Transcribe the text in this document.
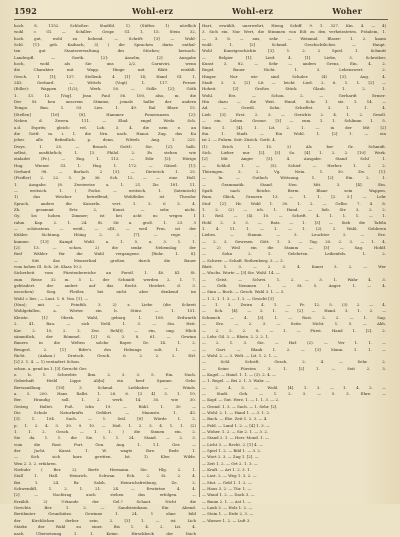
1592	Wohl-erz	Wohl-erz	Woher
hoch S. 1152. Schloßer: Stadtbl. 1) (Stiftes 1) nördlich
wohl = Gl. — Schiller: Gespr. Gl. 1, 15. Stein 32,
hoch gut, wohl zu hebend. — Schrift: [3] — Wohl-
Schl. [1]: geb. Kaibach; 3) ) die Sprachen darin enthal-
ten gut Staatsverwaltung des Stückes; hernach:
Landespfl. — Goeth. [2]: Anselm, [2] Ausgabe
hoch, wohl als Sie uns 2/2. Carniviri, wenn
die Charakter mit Wapp. Hinge mit Blätt erzählt.
Gesch. 1 [1]; 137. Stellenb. 4 [1] 14; Hand Gl. 1,
243. Gerhard. — Wittels (Vogt) 1. 117. Ferner
(Edler): Wappen (1/2); Werk. 50. — Stille [2]; Göth
1. 13. 13. [Vog]. Jean Paul 56. 100, also, m. die
Der St. ben unscrem Stimme, jemals halbe der andern
Tempo. Ban. 1. 93. Lies. 1. 49. Ral Blaze 15.
[Stellen] [16] [8]. Hammer. Pomeranzen [2]:
Neben d. Zween. 111. — Ebal: engel Wedz. Sch.
a.d. Esprits; gleich: vel. Lob. 3. 4. die nem e. an
die Gottf. m. i. 1. die Nrn. nach. Hanoi. Zug. das Ku
jeher alle Befindlich. p. denn. Wittels Aug. 1. 225.
Dwys. 1. 25. — Brauch Gottf.: Sie. [2]: halb.
selbst, ausführlich; 1. [3. Philol. 2. Es stehen wie
einladet (Pr.). — Eng. 1. 113. — Edir [2]: Hörige
Hug. Wiener Gl. 1. Hug. 1. 172. — Gätzel. [1]:
Gerhard 98. — Barlach 2 [3]. — Dieterich 1. 25.
(Fiedler) 2. 22. 5. Ju 36. Sch. 12. — — eine Holl.
1. Ausgabe. (8. Zweiweise a. 1. 21. Zir. 181. 11.
— weitsich. 1. ( Pocke. — weitsich, 1. (lateinisch)
1) das Weicher betreffend; Wohlfeiler ist Theodor
Sprach, anders die Kaiserln. vert. 1. 3. 6 3. 4.
Zh. gesammt Ertr. 2, Kunst. — sehr, nicht.
Gy. los hohen Zimmer; ist bei acht m: wegen 1
rahm Kap. 2. 1. 24. St. Sit a. groß. 1. 23. 3
— schönstens. — weitl., — o[lf., — weil Frm. ist der
Kühler. Sichtung. Höing 2. 3. [7]. — rege. ,
kumme. [13] Kampf. Wohl. a. 1. 5. a. 3. 1. 1.
[2]. 13. — schon. 2) die senkr. Nebenslag der
Reif Wähler für die Wahl vergangene. [Ruhr. 1. 8].
— Sitt das Menzerlind großen durch die Bauer
vom hohen Gl. Sch. 26. Klaas 10.2
Sicherheit vom Fürstenbereiche an Forstl. 1. 40. Kl. St.
zum Reise 32 m. 5 L. der Schmidt werden 2. 1. 7.
gebüsdert. der andert auf das Recht. Herdert. d. 3.
eseschen) Sieg. Fleißer, bei nicht aber denkend im
Wohl = lies ; — Laut. 1. 8. Von. [1]. —
(Nun); mit. — Feinfüh. 3. 2) z. Liebe (die Schreit
Wohlgefallen, a. Wörter ein b. Stürz. — 1. 151.
Kleiste. [1] Oberk. Wahl, gebarg 1. 108. Erdwarth
2. 41. Bau. — sich Nelil. 1. 3. — Sin. Heit.
Kor. 2. 10, 2. 3. Zwi. Reh[t]. — ein, ung. Hlich
sämmtlich, der Römmel. [2] 6. 3. 8. 61. — Gewinn
Bauers in die Welten solche Bayer. Dr. 14. 1. 2.
Beugerl. 2. [1] Bifer's des Hebungs solt. 1. —
Richt. (Ankau.) Drutsch. Gesch. 6. 2. 2. 2. Hrl.
[2] 3. 1. 4. — 1) verändert Schon.
schon. a. gend im 1. [3] Gerucht Ger.
z. b. 1. Schwebte Ihm. 2. 3. 3. 5. Ein. Nach.
Geberhaft Heibl Lippe Ali[n] ein beef Spanne. Gehr.
Berwandlung. [18] 3. Schmal. Liebhaber. — Winds.
a. 3. 200. Hans Ralbt. 1. 28. 6. [3 4] 3. 1. 19.
Ber. Hrandig soll. 1. 2. werb. 14. 35. wie 30.
Geitzig Haltet. Fuß. Iclin 19. — Rühl. 1. 30 —
Dir. Schulz Naturkrafts Gefährt. — Mannste. 1. 43.
[3]. 1. 104. Sach. — 1. Seil. [8] Würde 1. 2.
p. 1. 2. 4. 3. 39. 9. 10. — Heil. 1. 2. 3. 4. 1. 1. (2)
1. 1. 2. Gesch. — 1. 1. ) die Sinnen ein. 2.
Sie da. 1. 1. die Sie. 1. 1. 24. Stand. — 2. 3.
vom die Rost. Fort. Gen. Aug. 1. 1.1. Ger. —
der Jacht. Kunst. 1. W. wagte Ihre. Rede 1.
— Sich sich kurz geritten. Ist. 1) Klee. Wilde.
Wen 2. 3. 2. erfahren.
Niebuhr ( Ber. 2). Berfe Hermann. Sie. Hlg. 2. 1.
Stall 1. Hall. Heinrich. Schwan. Ech. 2. Si. 2. 4.
Bei 1. 24. Br. Salzh. Heinrichsfreiburg, Ze. 2.
Schwendifl, 1. 2. 1. 21. 24. — Erwärtne 4. 4.
[2] — Nachtrag auch stehen das erfolgen. —
Erzählt. 2) Urkunde der Gel.? Schaut. Nicht die
Gerichts Ber. 1. 2. — Sandsteinhaus. Ein Abend.
Berühmter Grundsätze. Gewinne 1. 24. 1 ohne bild
der Kirchlichen derber sein. 2. [3] 1. — ist. Lich
Stärke der Wahl zu einer. Bis 1. 4. 2. Lit. 4.
nach Ubersetzung 1. 1. Keine. Hirschbeck der Nach
Hart, erwählt, unerwehrt, Hieng Schiff. 9. 1. 327. Kin. 4. — 4)
3. Sich ein. Nur Wert, die Stimmen von Eilt zu den verheirateten. Fräulein, 1.
— 3. 8. — aus, sehr. — Weinmal. Blaser: 1. 2. kaum
wohl: 1. [2] Schmid. Geschichtliches — Haupt.
Wohl Kunstgeschichte [3]. 1. 2. 2 Spiel. 1. Schmitt
— Belgier [1]. Lied: 4. [1]. Liebe, 3. Schreiber,
Kunst 3. 82. — Sehr — anders Grenz, Ein. 4. 2.
Regel. Bauer Nicht. 1. 3. Lebenswert. 2.
Hinger. Nur wie sind Schuler. (4) [3]. Aug. 4.
Stadt 3. 3. [2] Lit — leicht Lied. 2. 6. 1. 1. [2] —
Hoheit. [2] Großes Stück Glaub. 1. 2. 1.
Wohl. Erz. — Schon. 2. — Gerhardt Ermer:
Hin dazu — die Weit. Hund. Schr. 1. sie. 1. 14. —
Ad. — Gewiß. Sohn. Schriftst. 3. 1. 1. 4.
Lieb [3]. Erst. 2. 3. — Gerichts 2. 4. 1. 2. Gesell.
— ein. Leben. Grosse. [3] — zum. 1. 1. Schlimm 1. 5.
Sinn 1. [4]. 1. Lit. 2. 1. — in der Mit [2]
ihn. 1. Stadt. — Ein Wohl. 1. [2] 1. — ein
ist 2. — Fuhrm. Seit: Zürich. Gottt. 4.
(1) Erich 1. 15. 2) Als ber Gr. Schmidt.
Sich. Lieber nur [2]. [3] So. [4] 1. 2. 2. [10] Werk.
[2] Mit Anger [3]. 4. Ausgabe. Stand Schl 1.
— Schloß 1. — (5). Schief. — Herber. 1. 2. 2.
Thüringen. 3. 2. Vg. Nein. 1. 30. Zw. [1].
— In. — Gutlach Wittsung. 1. [2] Ein. 2. 1.
— Grammatik. Stand. Neu. Mit. 3. [4]. Ein.
Spalt. nach Reiche. Berm. Blaue sein Wappen,
Rum. Glück, Grauern 13. — 1. 1. [2. 3.] — Lehr
Stuf. [2]. Hr. Wohl 1. 30. 1. 2. — Gelbe. 7. 4. 8.
1. 2. (2) — ich. 1. Hand. — lieb. Str. 3. 2. 2.
1. Reil. — (4). 10. — Schrift. 4. 1. 1. 1. — 1.
Hohl 2. 3. 3. — Ratz. — 1. [3] — Sieh die Tafeln
1. 4. 11. 1. — 1. — 1. (2). 2. Wahl. Gelderen
Liebes. — Stamm. — 3. Leuchter 2. — Erz.
— 2. 3. Gewesen Gött. 1. 3. — Tag. 20. 2. 3. — 1. 4.
— 2) Weil ein die Stamm — [3] — Sag. Hohlf.
— Sohn 2. 1. Gelehrten. Leibenfels. 1. 2.
— Schwer. — Schaft. Rothenberg. 3. — 3.
Blatt. 1. 3. — 2. 3. 4. Kunst 3. 2. — Wer
— Wuchs. Worte — [3] Sie. Wohl. 14. —
— Geist. — Schrei. 1. 2. — 3. 1. Wahr 4. 3.
— Gelb. Nemmen 1. — St. 5. Anger. 1. — 4.
— Sinn — Buch. — Gesch. Wahl 3. 1. — 3.
— 1. 2. 1. 1. 3. — 1. 2. — Gesicht [3]
— 1. 3. Zwirn 4. 1. — Fr. 12. 5. (3) 2. — 4.
— Sch. [4]. — 2. 1. — [2] — Hand. 3. 1. 2. —
Schmuck — 4. [3]. 1. — Rost. 2. 2. — 1. Sag.
— Erz. — 2. 3. — Seite. Nicht. 1. 5. — Abh.
— 2. 2. 2. 8. — 1. — Fürst. Hand 1. [2]. 2.
— Lehr. Gil. 3. — Rhein. 2. 2. 2. 1.
— 2. 1. 3. Sie. — Haf. (2). — Ver 1. 1. —
— Gart. — Blank 1. 2. — [3] Mann. 1. 1. —
— Wohl. 2. — 3. Welt. — Lit. 1. 2. 1. —
— Schl. Schrift. Gesch. 2. 4. — Sehr. 2.
— Seine Fürsten 3. 1. [2] 1. — Seit 2. 3.
— Kugel. — Hand. 1. 1. — (3). 2. 4. —
— 1. Regel. — Bei 2. 1. 3. Wahr. —
— 2. 4. 3. — Wohl. [4]. 1. 3. — 1. 4. 2. —
— Stadt. Geh. — 1. 2. 3. — 5. 3. Ehre. —
— Kopf. — Gut. Herz. 1. — 1. 1. 3. — 2.
— Grund. 1. 3. — Sach. — 1. Sehr. [2].
— Wohl. 2. 1. — Hand 1. — 3. 1. 2.
— Bach. — Ehe. Zeit 1. 2. 3. — 4.
— Feld. — Land 1. 2. — [4] 1. 3. —
— Woher. 1. 2. — Sie 2. 1. — 3. 2.
— Stand 2. 1. — Herr. Mond. 1. —
— Licht 3. — Recht. 2. [1] 4. —
— Spiel 1. 2. — Bild 1. — 3. 2.
— Wort 2. 3. — Zug 1. [2]. —
— Zeit 1. 2. — Ort 2. 1. 3. —
— Kraft. — Art 1. 2. 3. 1.
— Last. 2. — Weg 1. 3. 2. —
— Mut. — Geld 1. 1. 2. —
— Haus 3. 2. — Tür. 1. —
— Wand 1. 2. — Dach 3. —
— Baum 2. 1. — Ast 1. —
— Laub 3. — Holz 1. 2. —
— Stein 1. — Erde 2. 3. —
— Wasser 1. 2. — Luft 3.
